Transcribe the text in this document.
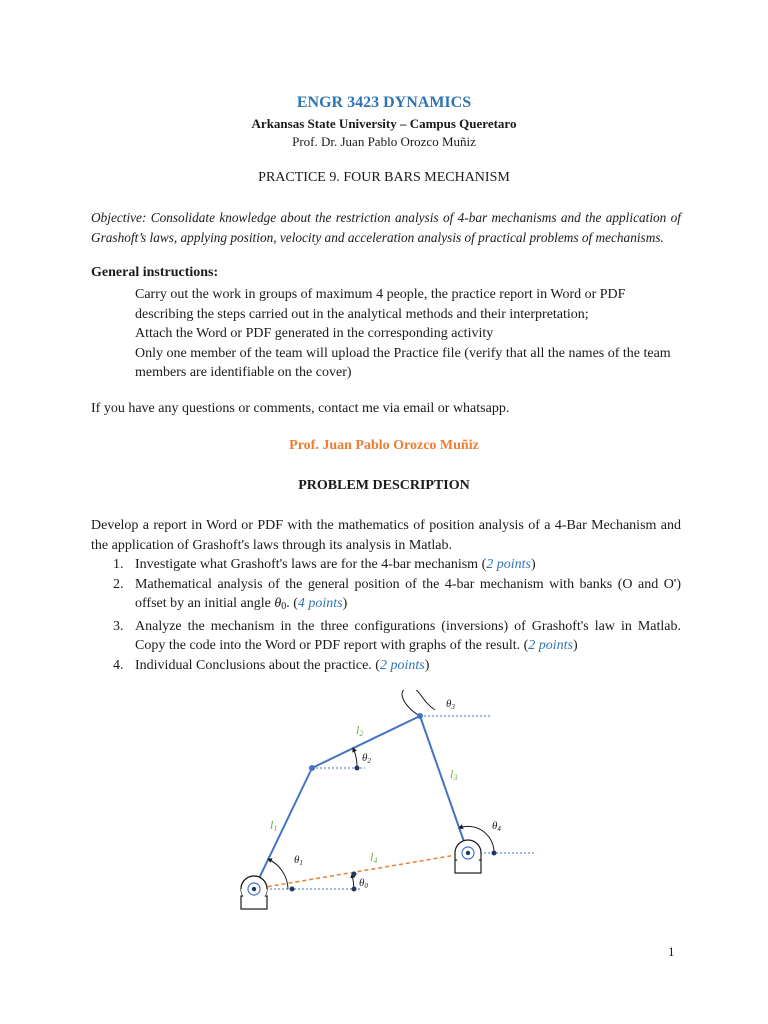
ENGR 3423 DYNAMICS
Arkansas State University – Campus Queretaro
Prof. Dr. Juan Pablo Orozco Muñiz
PRACTICE 9. FOUR BARS MECHANISM
Objective: Consolidate knowledge about the restriction analysis of 4-bar mechanisms and the application of Grashoft’s laws, applying position, velocity and acceleration analysis of practical problems of mechanisms.
General instructions:
Carry out the work in groups of maximum 4 people, the practice report in Word or PDF describing the steps carried out in the analytical methods and their interpretation;
Attach the Word or PDF generated in the corresponding activity
Only one member of the team will upload the Practice file (verify that all the names of the team members are identifiable on the cover)
If you have any questions or comments, contact me via email or whatsapp.
Prof. Juan Pablo Orozco Muñiz
PROBLEM DESCRIPTION
Develop a report in Word or PDF with the mathematics of position analysis of a 4-Bar Mechanism and the application of Grashoft's laws through its analysis in Matlab.
1. Investigate what Grashoft's laws are for the 4-bar mechanism (2 points)
2. Mathematical analysis of the general position of the 4-bar mechanism with banks (O and O') offset by an initial angle $\theta_0$. (4 points)
3. Analyze the mechanism in the three configurations (inversions) of Grashoft's law in Matlab. Copy the code into the Word or PDF report with graphs of the result. (2 points)
4. Individual Conclusions about the practice. (2 points)
l1
l2
l3
l4
θ0
θ1
θ2
θ3
θ4
1
